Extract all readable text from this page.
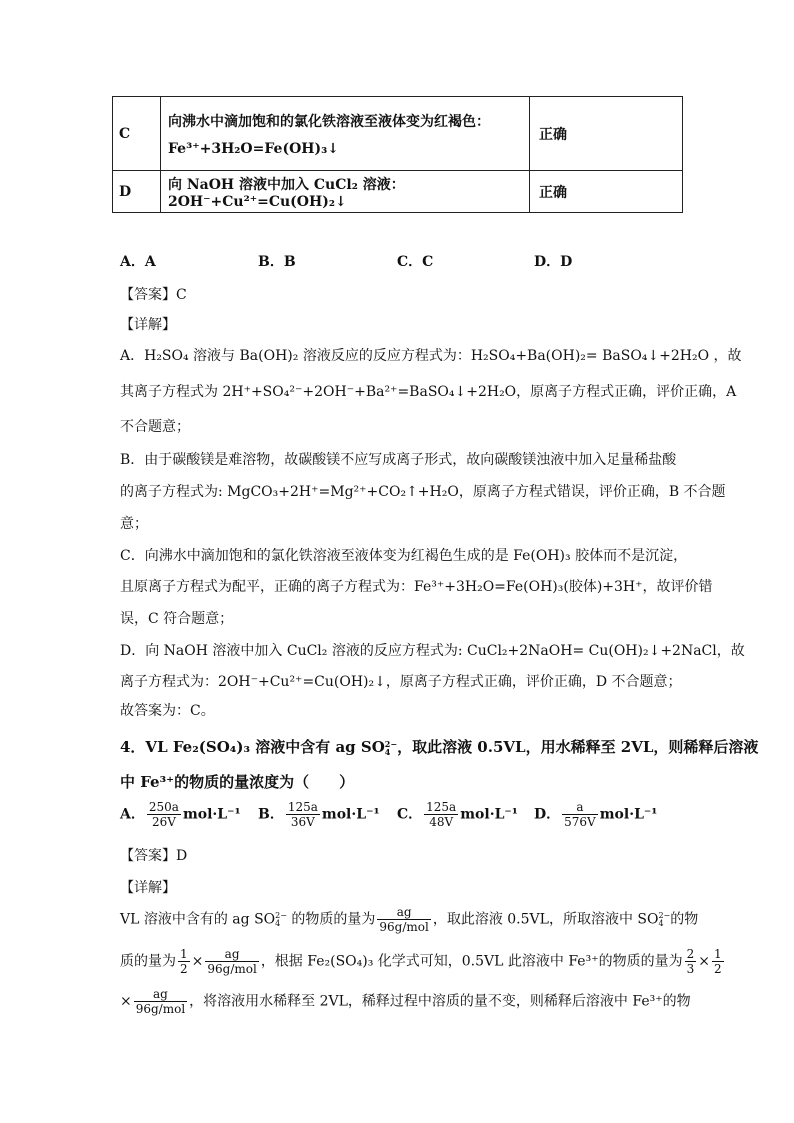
C	向沸水中滴加饱和的氯化铁溶液至液体变为红褐色：
Fe³⁺+3H₂O=Fe(OH)₃↓	正确
D	向 NaOH 溶液中加入 CuCl₂ 溶液：2OH⁻+Cu²⁺=Cu(OH)₂↓	正确
A．A	B．B	C．C	D．D
【答案】C
【详解】
A．H₂SO₄ 溶液与 Ba(OH)₂ 溶液反应的反应方程式为：H₂SO₄+Ba(OH)₂= BaSO₄↓+2H₂O ，故
其离子方程式为 2H⁺+SO₄²⁻+2OH⁻+Ba²⁺=BaSO₄↓+2H₂O，原离子方程式正确，评价正确，A
不合题意；
B．由于碳酸镁是难溶物，故碳酸镁不应写成离子形式，故向碳酸镁浊液中加入足量稀盐酸
的离子方程式为: MgCO₃+2H⁺=Mg²⁺+CO₂↑+H₂O，原离子方程式错误，评价正确，B 不合题
意；
C．向沸水中滴加饱和的氯化铁溶液至液体变为红褐色生成的是 Fe(OH)₃ 胶体而不是沉淀，
且原离子方程式为配平，正确的离子方程式为：Fe³⁺+3H₂O=Fe(OH)₃(胶体)+3H⁺，故评价错
误，C 符合题意；
D．向 NaOH 溶液中加入 CuCl₂ 溶液的反应方程式为: CuCl₂+2NaOH= Cu(OH)₂↓+2NaCl，故
离子方程式为：2OH⁻+Cu²⁺=Cu(OH)₂↓，原离子方程式正确，评价正确，D 不合题意；
故答案为：C。
4．VL Fe₂(SO₄)₃ 溶液中含有 ag SO2−
4 ，取此溶液 0.5VL，用水稀释至 2VL，则稀释后溶液
中 Fe³⁺的物质的量浓度为（　　）
A． $\frac{250a}{26V} mol\cdot L^{-1}$ B． $\frac{125a}{36V} mol\cdot L^{-1}$ C． $\frac{125a}{48V} mol\cdot L^{-1}$ D． $\frac{a}{576V} mol\cdot L^{-1}$
【答案】D
【详解】
VL 溶液中含有的 ag SO2−
4 的物质的量为 $\frac{ag}{\text{96g/mol}}$ ，取此溶液 0.5VL，所取溶液中 SO2−
4 的物
质的量为 $\frac{1}{2} \times \frac{ag}{\text{96g/mol}}$ ，根据 Fe₂(SO₄)₃ 化学式可知，0.5VL 此溶液中 Fe³⁺的物质的量为 $\frac{2}{3} \times \frac{1}{2}$
× $\frac{ag}{\text{96g/mol}}$ ，将溶液用水稀释至 2VL，稀释过程中溶质的量不变，则稀释后溶液中 Fe³⁺的物
